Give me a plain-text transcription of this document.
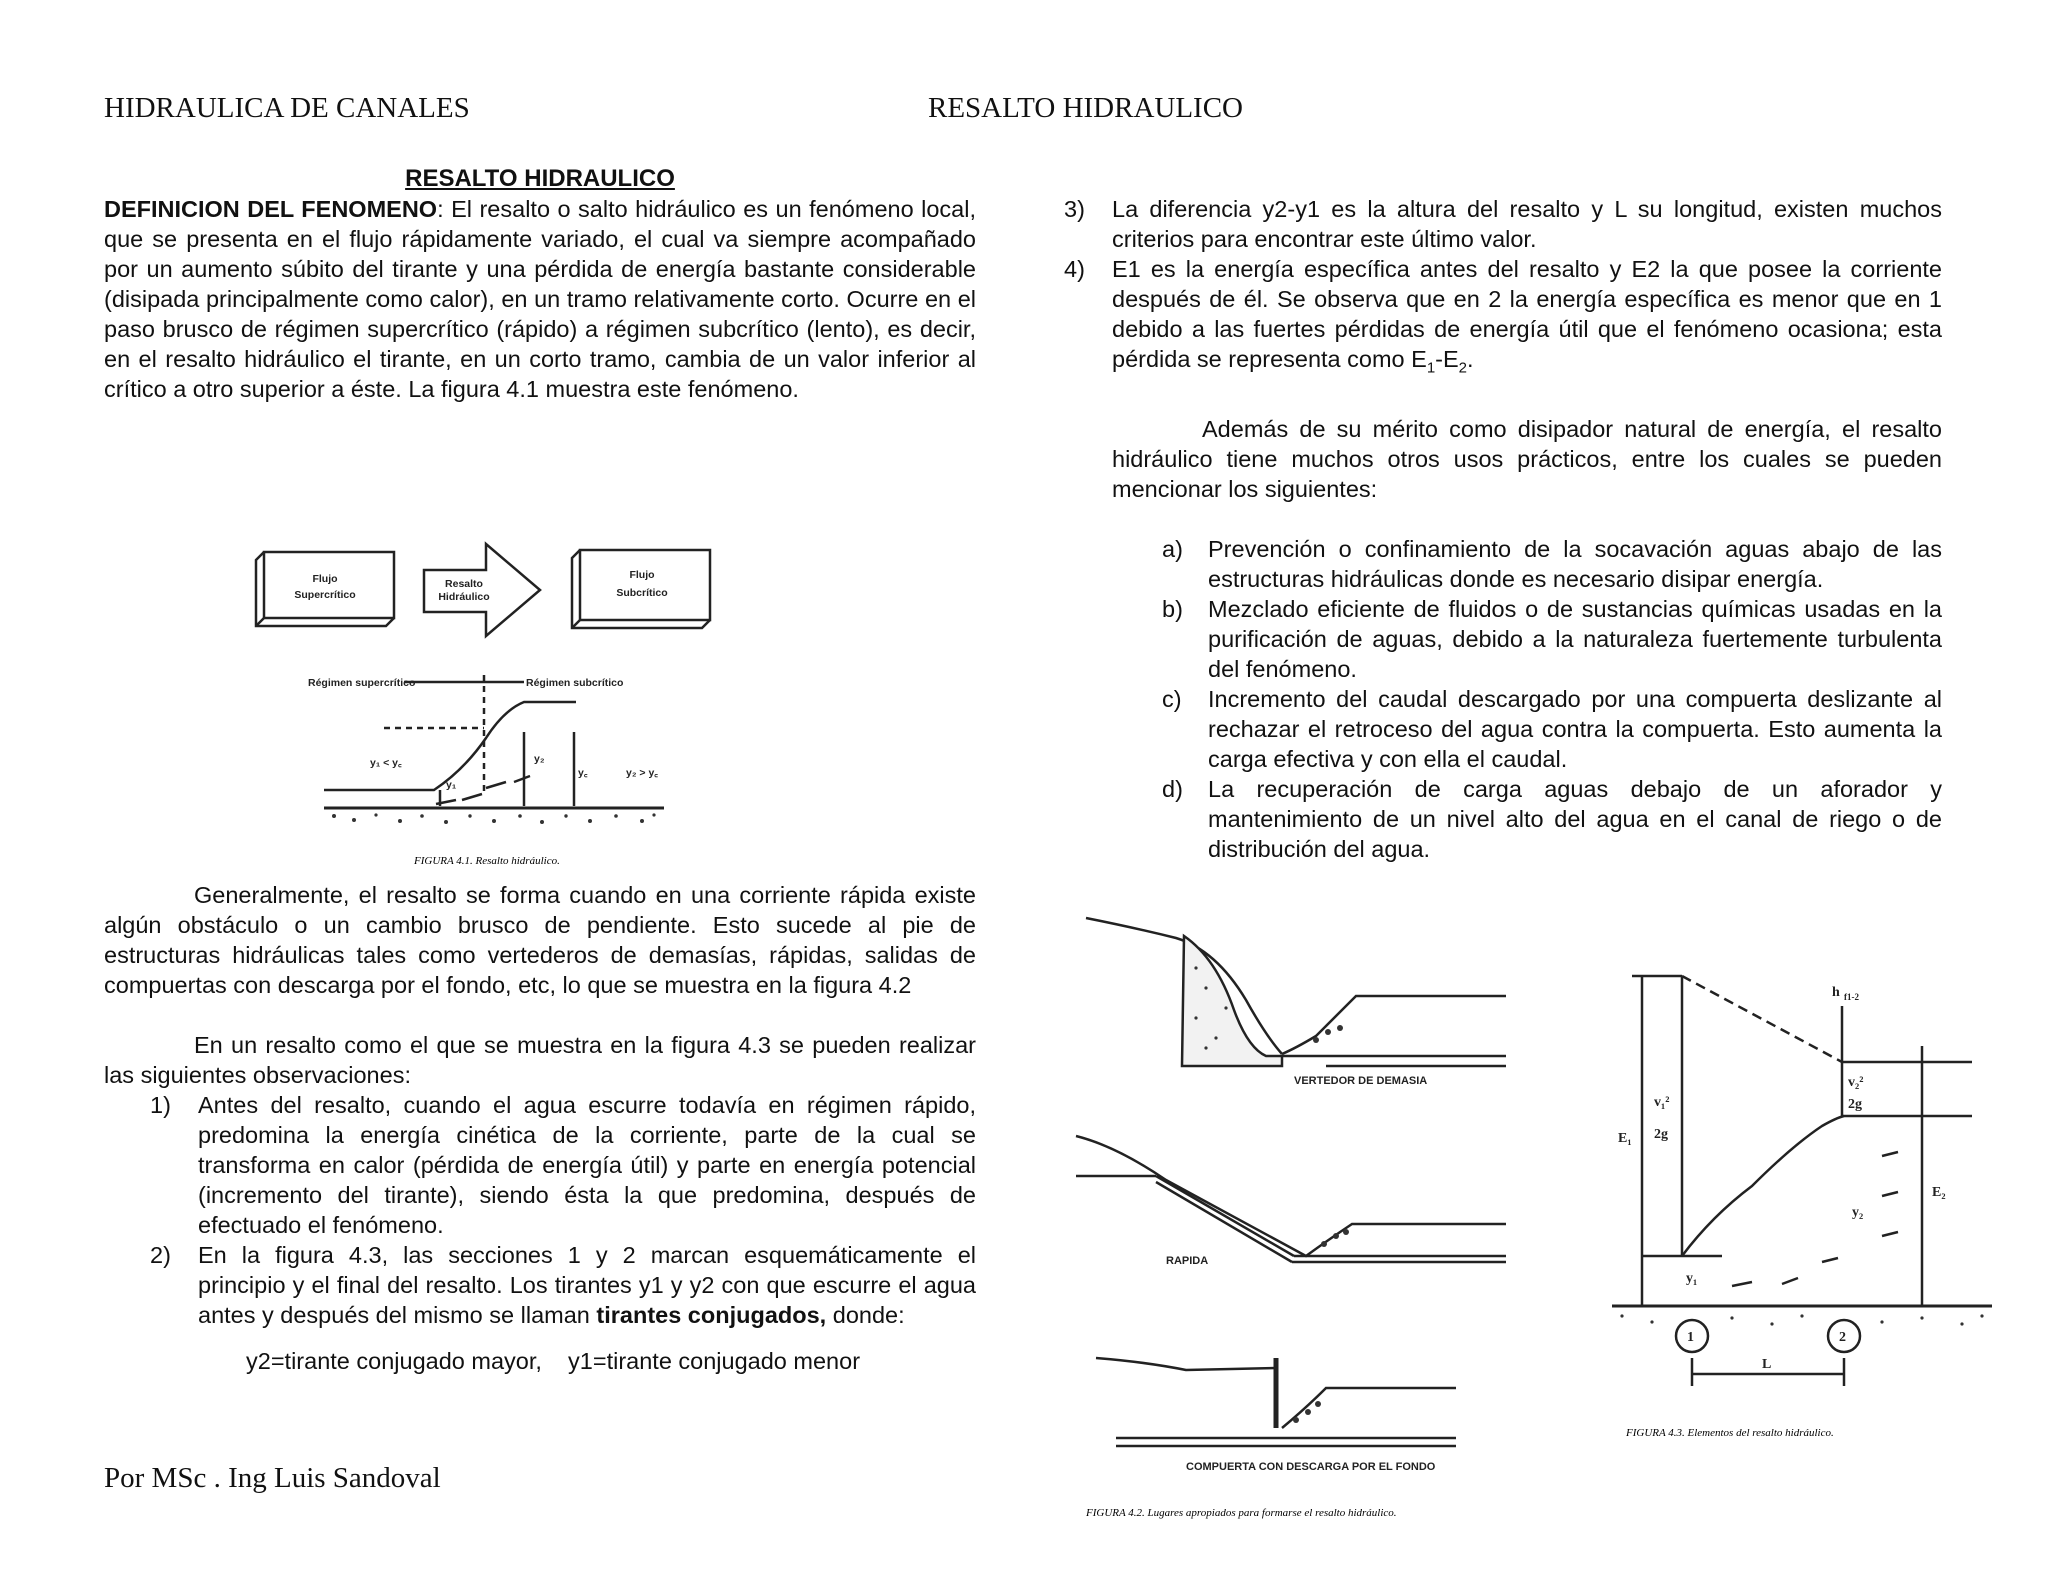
HIDRAULICA DE CANALES	RESALTO HIDRAULICO

RESALTO HIDRAULICO

DEFINICION DEL FENOMENO: El resalto o salto hidráulico es un fenómeno local, que se presenta en el flujo rápidamente variado, el cual va siempre acompañado por un aumento súbito del tirante y una pérdida de energía bastante considerable (disipada principalmente como calor), en un tramo relativamente corto. Ocurre en el paso brusco de régimen supercrítico (rápido) a régimen subcrítico (lento), es decir, en el resalto hidráulico el tirante, en un corto tramo, cambia de un valor inferior al crítico a otro superior a éste. La figura 4.1 muestra este fenómeno.

Flujo
Supercrítico
Resalto
Hidráulico
Flujo
Subcrítico
Régimen supercrítico	Régimen subcrítico
y₁ < y꜀
y₂ > y꜀
y₁
y₂
y꜀
FIGURA 4.1. Resalto hidráulico.

Generalmente, el resalto se forma cuando en una corriente rápida existe algún obstáculo o un cambio brusco de pendiente. Esto sucede al pie de estructuras hidráulicas tales como vertederos de demasías, rápidas, salidas de compuertas con descarga por el fondo, etc, lo que se muestra en la figura 4.2

En un resalto como el que se muestra en la figura 4.3 se pueden realizar las siguientes observaciones:

1) Antes del resalto, cuando el agua escurre todavía en régimen rápido, predomina la energía cinética de la corriente, parte de la cual se transforma en calor (pérdida de energía útil) y parte en energía potencial (incremento del tirante), siendo ésta la que predomina, después de efectuado el fenómeno.
2) En la figura 4.3, las secciones 1 y 2 marcan esquemáticamente el principio y el final del resalto. Los tirantes y1 y y2 con que escurre el agua antes y después del mismo se llaman tirantes conjugados, donde:

y2=tirante conjugado mayor, y1=tirante conjugado menor

Por MSc . Ing Luis Sandoval
3) La diferencia y2-y1 es la altura del resalto y L su longitud, existen muchos criterios para encontrar este último valor.
4) E1 es la energía específica antes del resalto y E2 la que posee la corriente después de él. Se observa que en 2 la energía específica es menor que en 1 debido a las fuertes pérdidas de energía útil que el fenómeno ocasiona; esta pérdida se representa como $E_1-E_2$.

Además de su mérito como disipador natural de energía, el resalto hidráulico tiene muchos otros usos prácticos, entre los cuales se pueden mencionar los siguientes:

a) Prevención o confinamiento de la socavación aguas abajo de las estructuras hidráulicas donde es necesario disipar energía.
b) Mezclado eficiente de fluidos o de sustancias químicas usadas en la purificación de aguas, debido a la naturaleza fuertemente turbulenta del fenómeno.
c) Incremento del caudal descargado por una compuerta deslizante al rechazar el retroceso del agua contra la compuerta. Esto aumenta la carga efectiva y con ella el caudal.
d) La recuperación de carga aguas debajo de un aforador y mantenimiento de un nivel alto del agua en el canal de riego o de distribución del agua.
VERTEDOR DE DEMASIA
RAPIDA
COMPUERTA CON DESCARGA POR EL FONDO
FIGURA 4.2. Lugares apropiados para formarse el resalto hidráulico.
h f1-2
v₁²
2g
v₂²
2g
E₁
E₂
y₁
y₂
1	2
L
FIGURA 4.3. Elementos del resalto hidráulico.
